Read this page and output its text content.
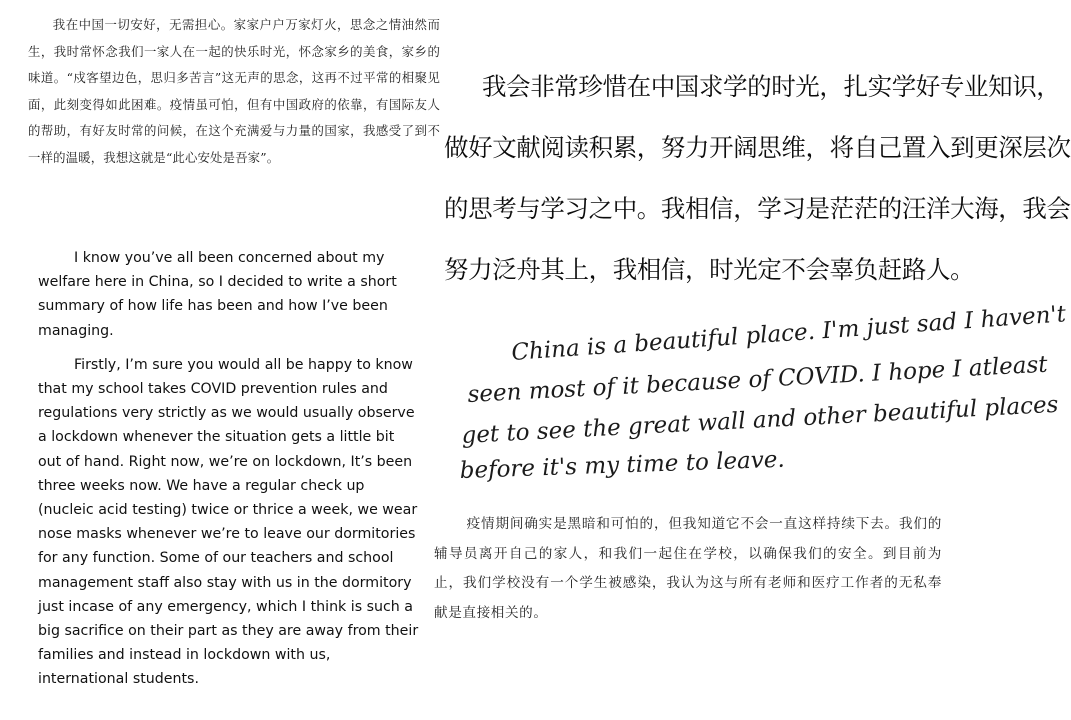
我在中国一切安好，无需担心。家家户户万家灯火，思念之情油然而生，我时常怀念我们一家人在一起的快乐时光，怀念家乡的美食，家乡的味道。“戍客望边色，思归多苦言”这无声的思念，这再不过平常的相聚见面，此刻变得如此困难。疫情虽可怕，但有中国政府的依靠，有国际友人的帮助，有好友时常的问候，在这个充满爱与力量的国家，我感受了到不一样的温暖，我想这就是“此心安处是吾家”。

I know you’ve all been concerned about my welfare here in China, so I decided to write a short summary of how life has been and how I’ve been managing.

Firstly, I’m sure you would all be happy to know that my school takes COVID prevention rules and regulations very strictly as we would usually observe a lockdown whenever the situation gets a little bit out of hand. Right now, we’re on lockdown, It’s been three weeks now. We have a regular check up (nucleic acid testing) twice or thrice a week, we wear nose masks whenever we’re to leave our dormitories for any function. Some of our teachers and school management staff also stay with us in the dormitory just incase of any emergency, which I think is such a big sacrifice on their part as they are away from their families and instead in lockdown with us, international students.

我会非常珍惜在中国求学的时光，扎实学好专业知识，
做好文献阅读积累，努力开阔思维，将自己置入到更深层次
的思考与学习之中。我相信，学习是茫茫的汪洋大海，我会
努力泛舟其上，我相信，时光定不会辜负赶路人。
China is a beautiful place. I'm just sad I haven't
seen most of it because of COVID. I hope I atleast
get to see the great wall and other beautiful places
before it's my time to leave.
疫情期间确实是黑暗和可怕的，但我知道它不会一直这样持续下去。我们的辅导员离开自己的家人，和我们一起住在学校，以确保我们的安全。到目前为止，我们学校没有一个学生被感染，我认为这与所有老师和医疗工作者的无私奉献是直接相关的。
